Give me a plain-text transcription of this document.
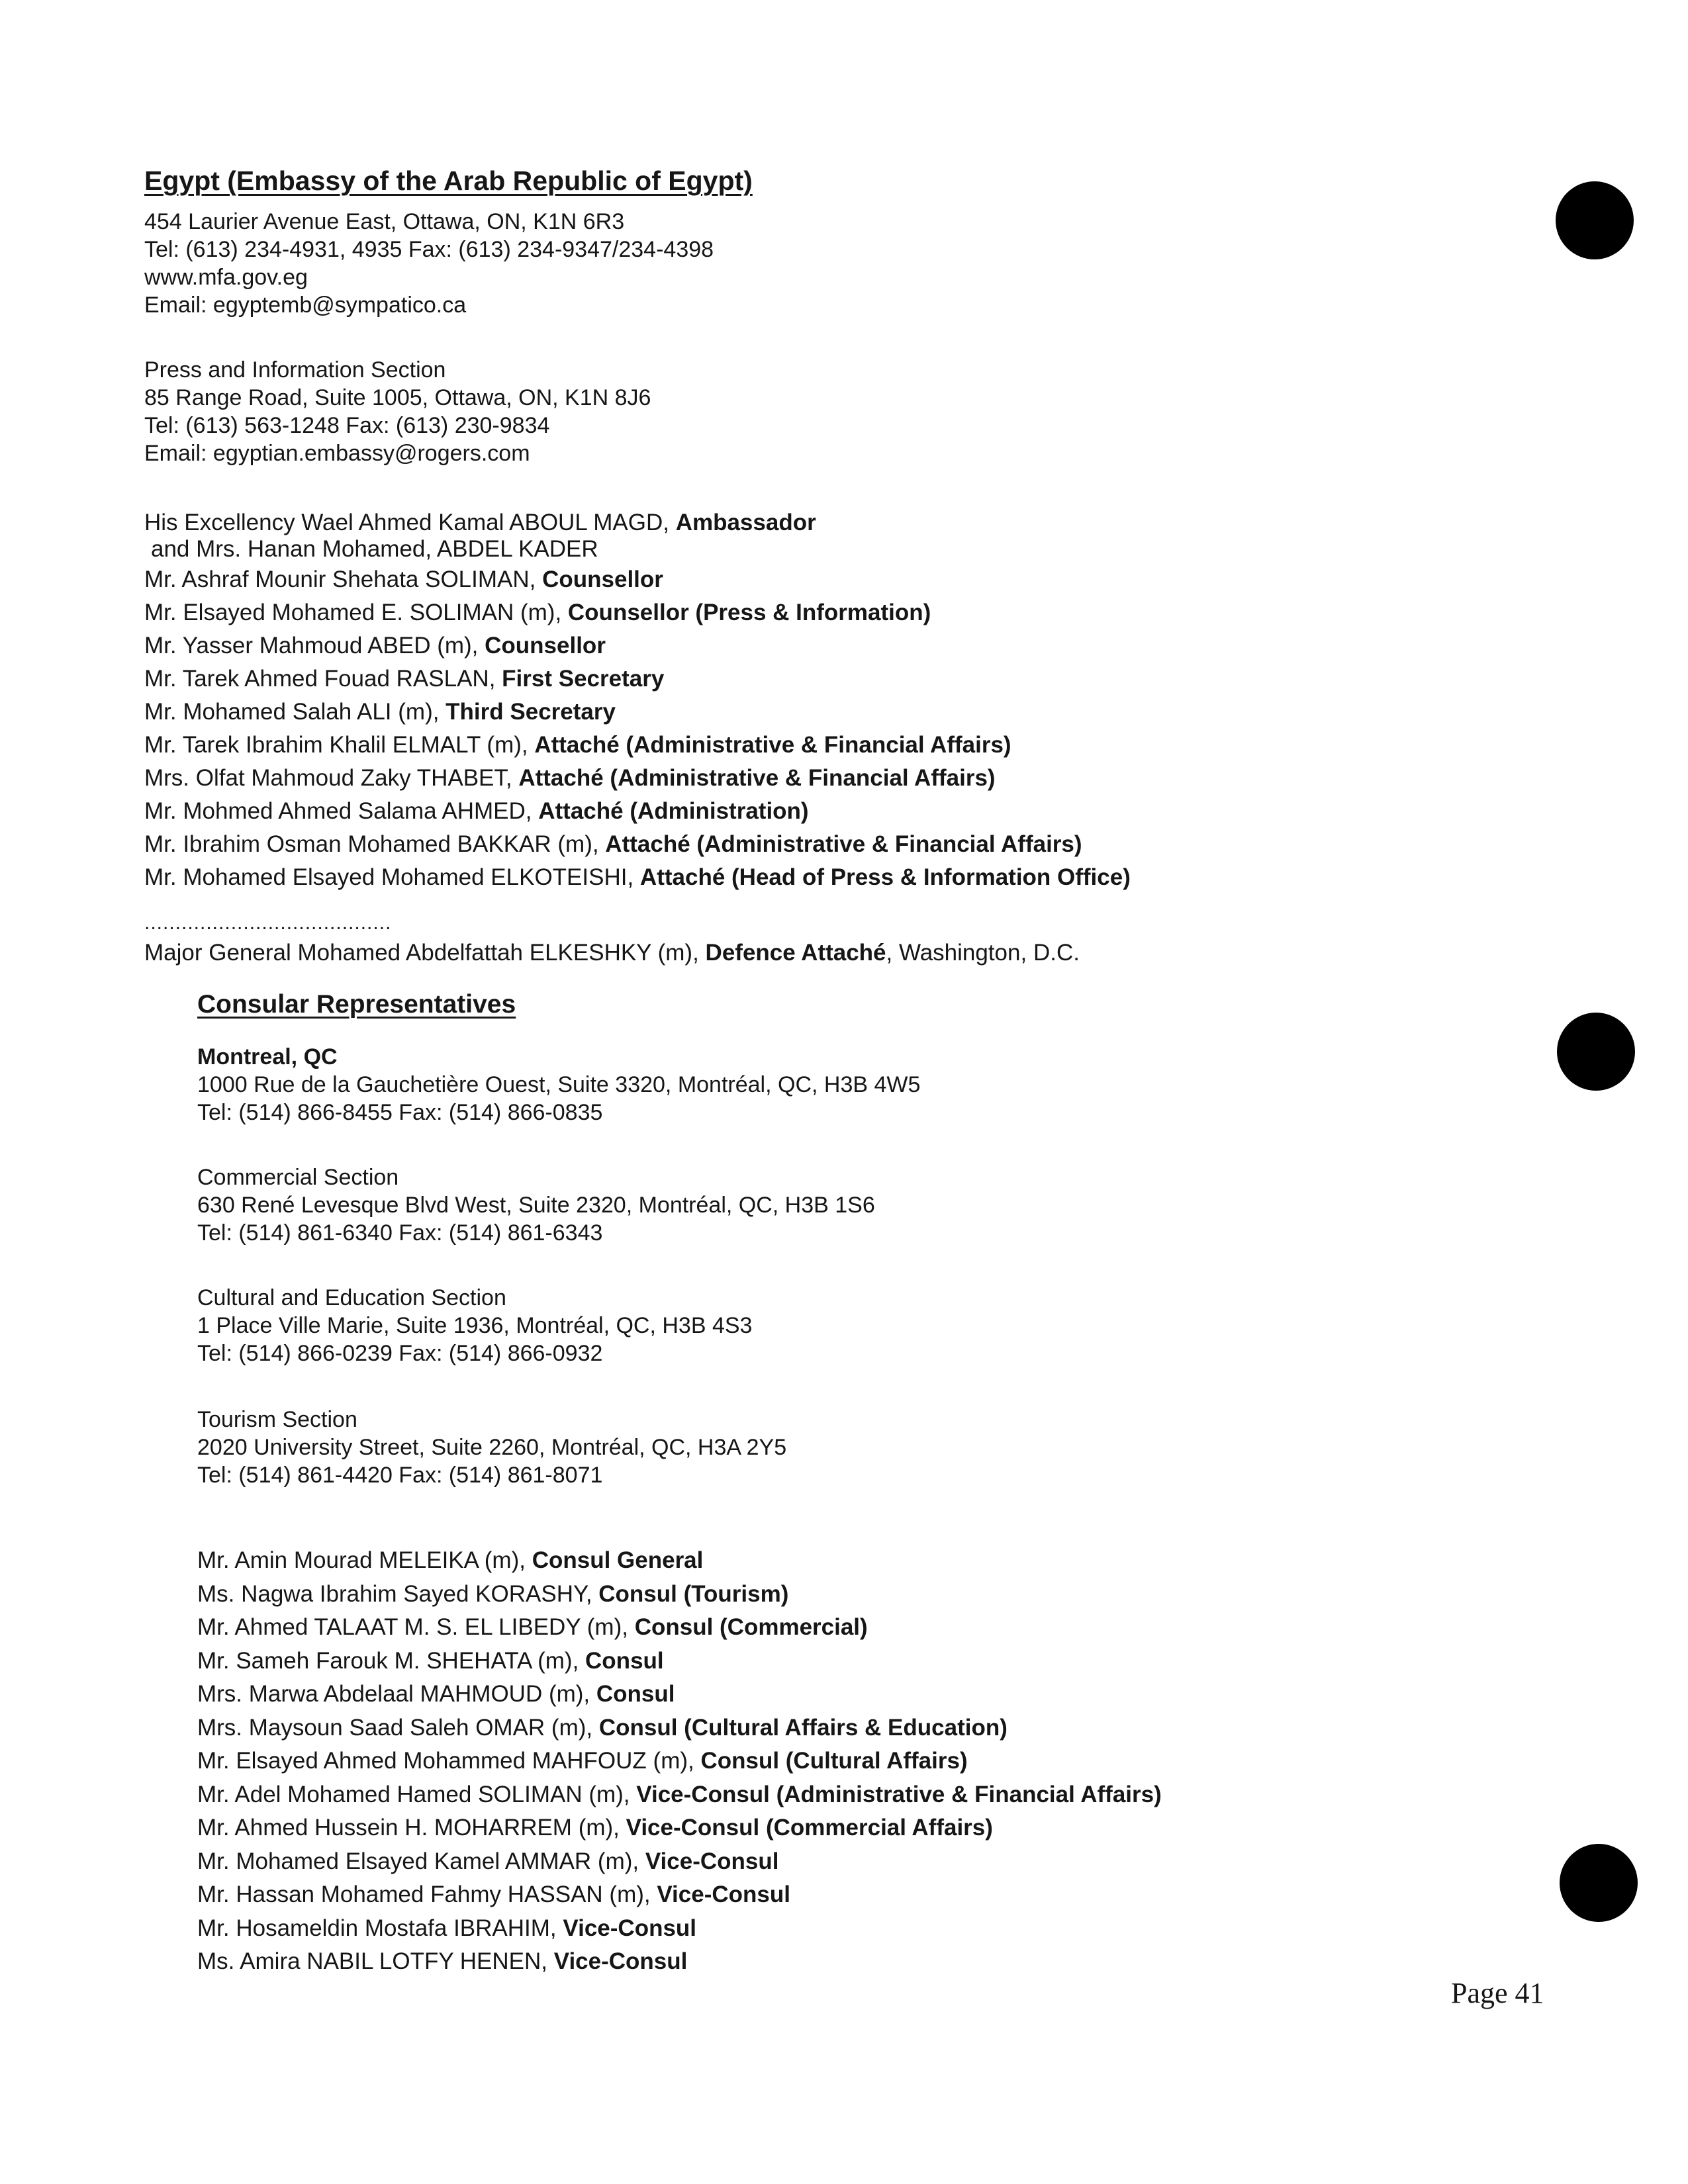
Egypt (Embassy of the Arab Republic of Egypt)
454 Laurier Avenue East, Ottawa, ON, K1N 6R3
Tel: (613) 234-4931, 4935 Fax: (613) 234-9347/234-4398
www.mfa.gov.eg
Email: egyptemb@sympatico.ca
Press and Information Section
85 Range Road, Suite 1005, Ottawa, ON, K1N 8J6
Tel: (613) 563-1248 Fax: (613) 230-9834
Email: egyptian.embassy@rogers.com
His Excellency Wael Ahmed Kamal ABOUL MAGD, Ambassador
and Mrs. Hanan Mohamed, ABDEL KADER
Mr. Ashraf Mounir Shehata SOLIMAN, Counsellor
Mr. Elsayed Mohamed E. SOLIMAN (m), Counsellor (Press & Information)
Mr. Yasser Mahmoud ABED (m), Counsellor
Mr. Tarek Ahmed Fouad RASLAN, First Secretary
Mr. Mohamed Salah ALI (m), Third Secretary
Mr. Tarek Ibrahim Khalil ELMALT (m), Attaché (Administrative & Financial Affairs)
Mrs. Olfat Mahmoud Zaky THABET, Attaché (Administrative & Financial Affairs)
Mr. Mohmed Ahmed Salama AHMED, Attaché (Administration)
Mr. Ibrahim Osman Mohamed BAKKAR (m), Attaché (Administrative & Financial Affairs)
Mr. Mohamed Elsayed Mohamed ELKOTEISHI, Attaché (Head of Press & Information Office)
........................................
Major General Mohamed Abdelfattah ELKESHKY (m), Defence Attaché, Washington, D.C.
Consular Representatives
Montreal, QC
1000 Rue de la Gauchetière Ouest, Suite 3320, Montréal, QC, H3B 4W5
Tel: (514) 866-8455 Fax: (514) 866-0835
Commercial Section
630 René Levesque Blvd West, Suite 2320, Montréal, QC, H3B 1S6
Tel: (514) 861-6340 Fax: (514) 861-6343
Cultural and Education Section
1 Place Ville Marie, Suite 1936, Montréal, QC, H3B 4S3
Tel: (514) 866-0239 Fax: (514) 866-0932
Tourism Section
2020 University Street, Suite 2260, Montréal, QC, H3A 2Y5
Tel: (514) 861-4420 Fax: (514) 861-8071
Mr. Amin Mourad MELEIKA (m), Consul General
Ms. Nagwa Ibrahim Sayed KORASHY, Consul (Tourism)
Mr. Ahmed TALAAT M. S. EL LIBEDY (m), Consul (Commercial)
Mr. Sameh Farouk M. SHEHATA (m), Consul
Mrs. Marwa Abdelaal MAHMOUD (m), Consul
Mrs. Maysoun Saad Saleh OMAR (m), Consul (Cultural Affairs & Education)
Mr. Elsayed Ahmed Mohammed MAHFOUZ (m), Consul (Cultural Affairs)
Mr. Adel Mohamed Hamed SOLIMAN (m), Vice-Consul (Administrative & Financial Affairs)
Mr. Ahmed Hussein H. MOHARREM (m), Vice-Consul (Commercial Affairs)
Mr. Mohamed Elsayed Kamel AMMAR (m), Vice-Consul
Mr. Hassan Mohamed Fahmy HASSAN (m), Vice-Consul
Mr. Hosameldin Mostafa IBRAHIM, Vice-Consul
Ms. Amira NABIL LOTFY HENEN, Vice-Consul
Page 41
